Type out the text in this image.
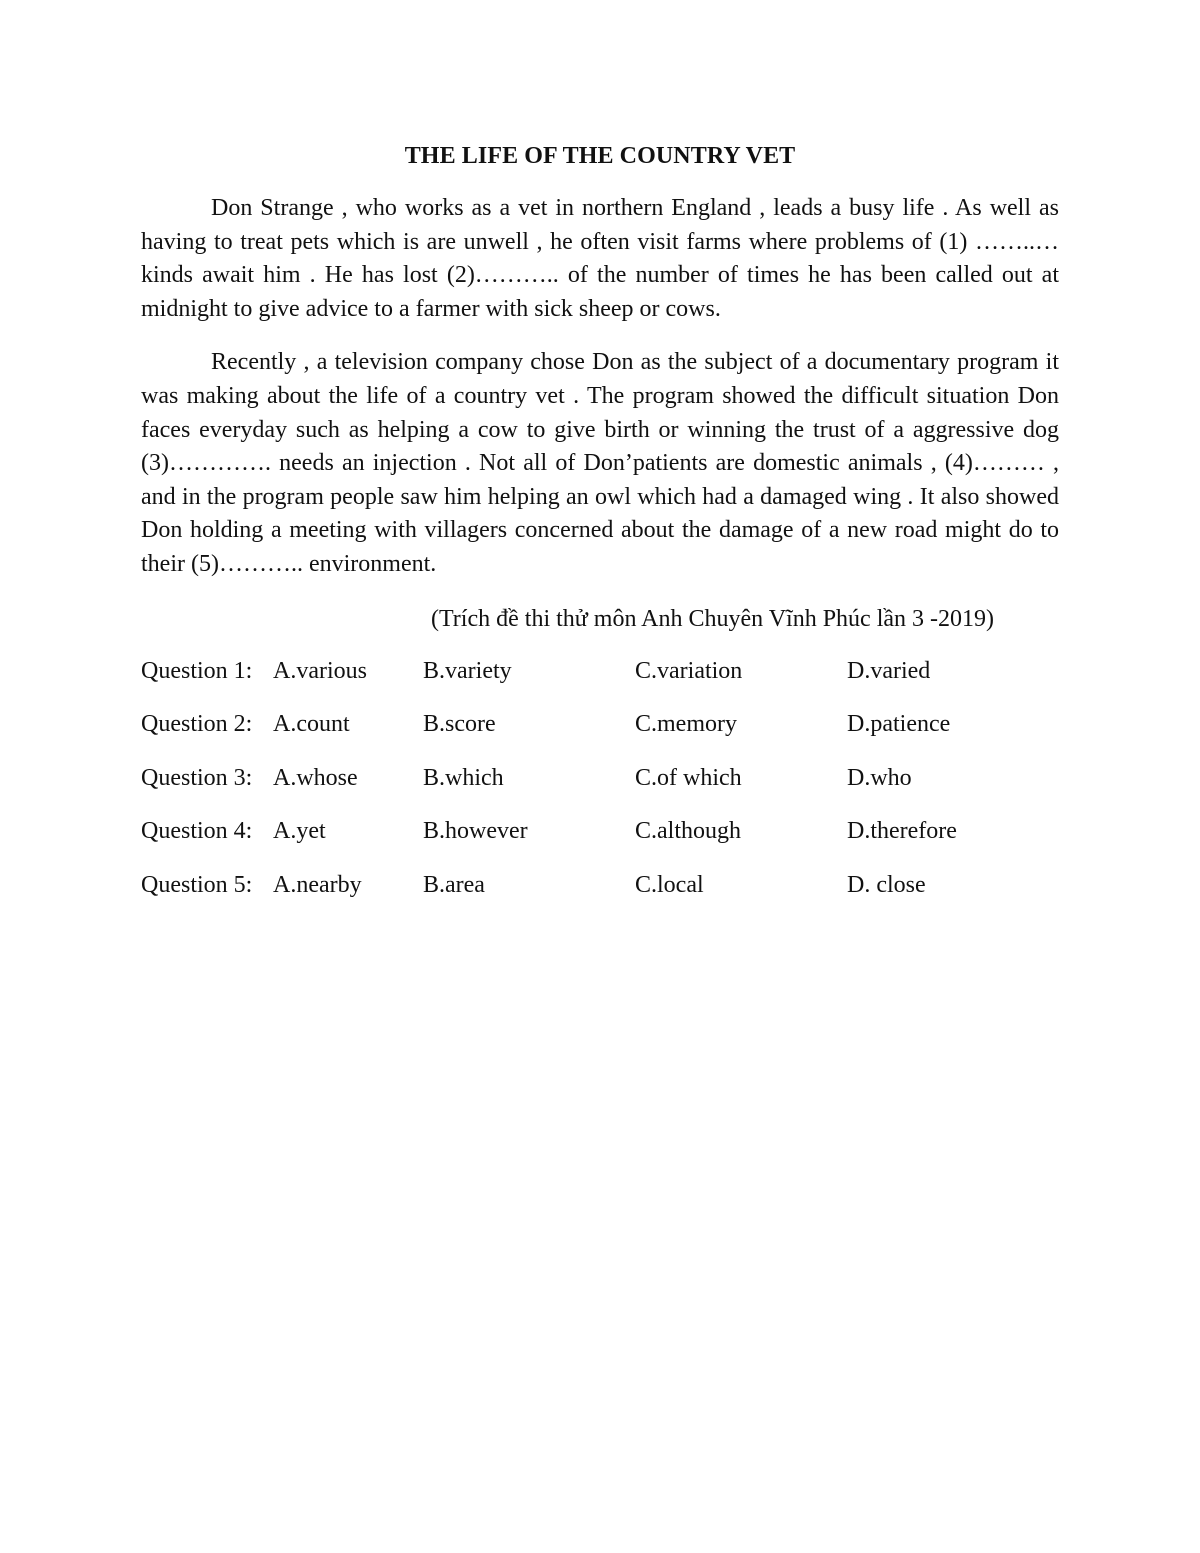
THE LIFE OF THE COUNTRY VET

Don Strange , who works as a vet in northern England , leads a busy life . As well as having to treat pets which is are unwell , he often visit farms where problems of (1) ……..… kinds await him . He has lost (2)……….. of the number of times he has been called out at midnight to give advice to a farmer with sick sheep or cows.

Recently , a television company chose Don as the subject of a documentary program it was making about the life of a country vet . The program showed the difficult situation Don faces everyday such as helping a cow to give birth or winning the trust of a aggressive dog (3)…………. needs an injection . Not all of Don’patients are domestic animals , (4)……… , and in the program people saw him helping an owl which had a damaged wing . It also showed Don holding a meeting with villagers concerned about the damage of a new road might do to their (5)……….. environment.

(Trích đề thi thử môn Anh Chuyên Vĩnh Phúc lần 3 -2019)
Question 1: A.various	B.variety	C.variation	D.varied
Question 2: A.count	B.score	C.memory	D.patience
Question 3: A.whose	B.which	C.of which	D.who
Question 4: A.yet	B.however	C.although	D.therefore
Question 5: A.nearby	B.area	C.local	D. close
